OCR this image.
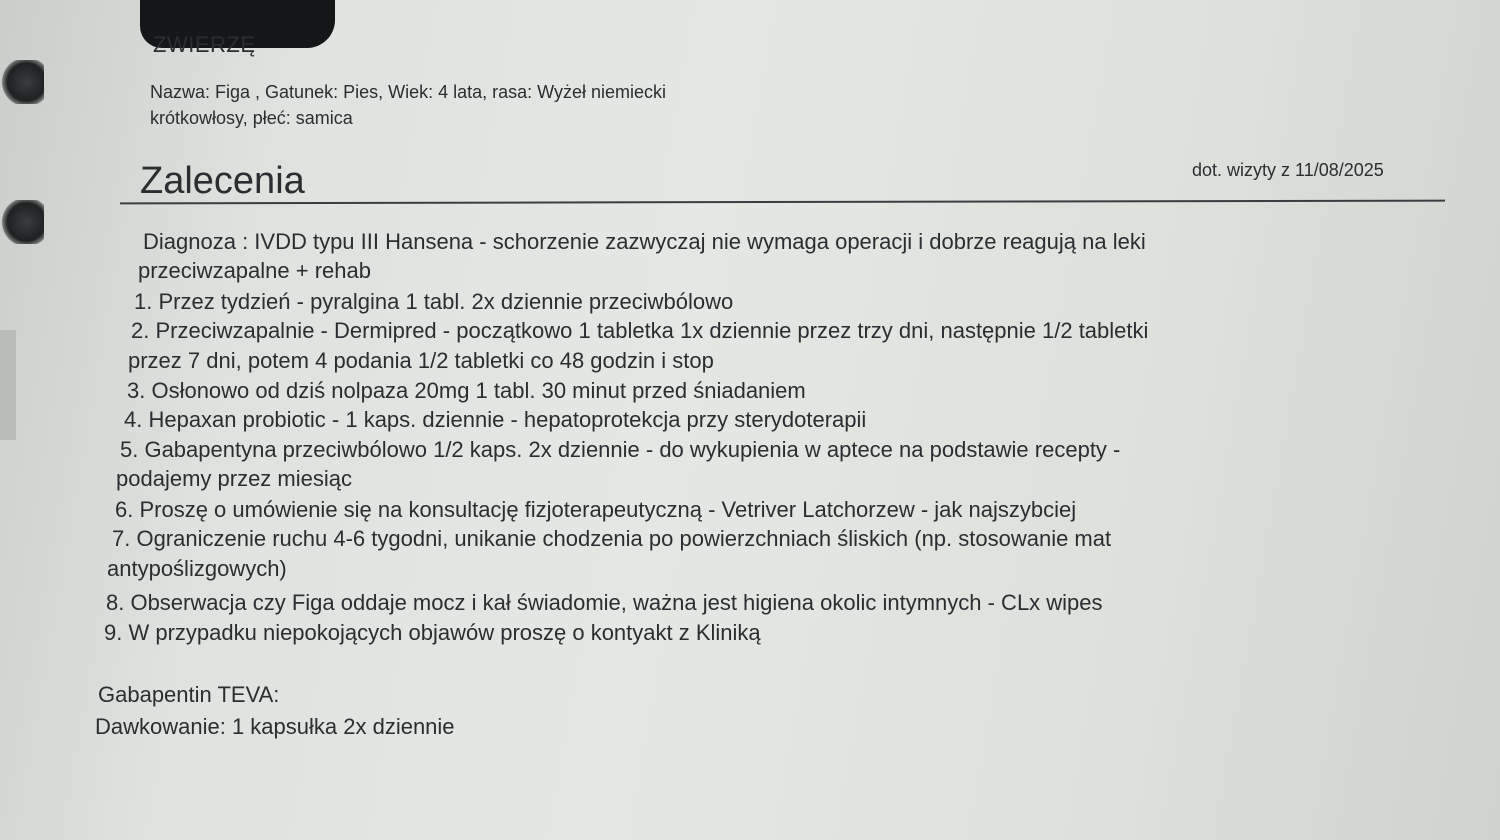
ZWIERZĘ
Nazwa: Figa , Gatunek: Pies, Wiek: 4 lata, rasa: Wyżeł niemiecki
krótkowłosy, płeć: samica
Zalecenia	dot. wizyty z 11/08/2025
Diagnoza : IVDD typu III Hansena - schorzenie zazwyczaj nie wymaga operacji i dobrze reagują na leki
przeciwzapalne + rehab
1. Przez tydzień - pyralgina 1 tabl. 2x dziennie przeciwbólowo
2. Przeciwzapalnie - Dermipred - początkowo 1 tabletka 1x dziennie przez trzy dni, następnie 1/2 tabletki
przez 7 dni, potem 4 podania 1/2 tabletki co 48 godzin i stop
3. Osłonowo od dziś nolpaza 20mg 1 tabl. 30 minut przed śniadaniem
4. Hepaxan probiotic - 1 kaps. dziennie - hepatoprotekcja przy sterydoterapii
5. Gabapentyna przeciwbólowo 1/2 kaps. 2x dziennie - do wykupienia w aptece na podstawie recepty -
podajemy przez miesiąc
6. Proszę o umówienie się na konsultację fizjoterapeutyczną - Vetriver Latchorzew - jak najszybciej
7. Ograniczenie ruchu 4-6 tygodni, unikanie chodzenia po powierzchniach śliskich (np. stosowanie mat
antypoślizgowych)
8. Obserwacja czy Figa oddaje mocz i kał świadomie, ważna jest higiena okolic intymnych - CLx wipes
9. W przypadku niepokojących objawów proszę o kontyakt z Kliniką
Gabapentin TEVA:
Dawkowanie: 1 kapsułka 2x dziennie
